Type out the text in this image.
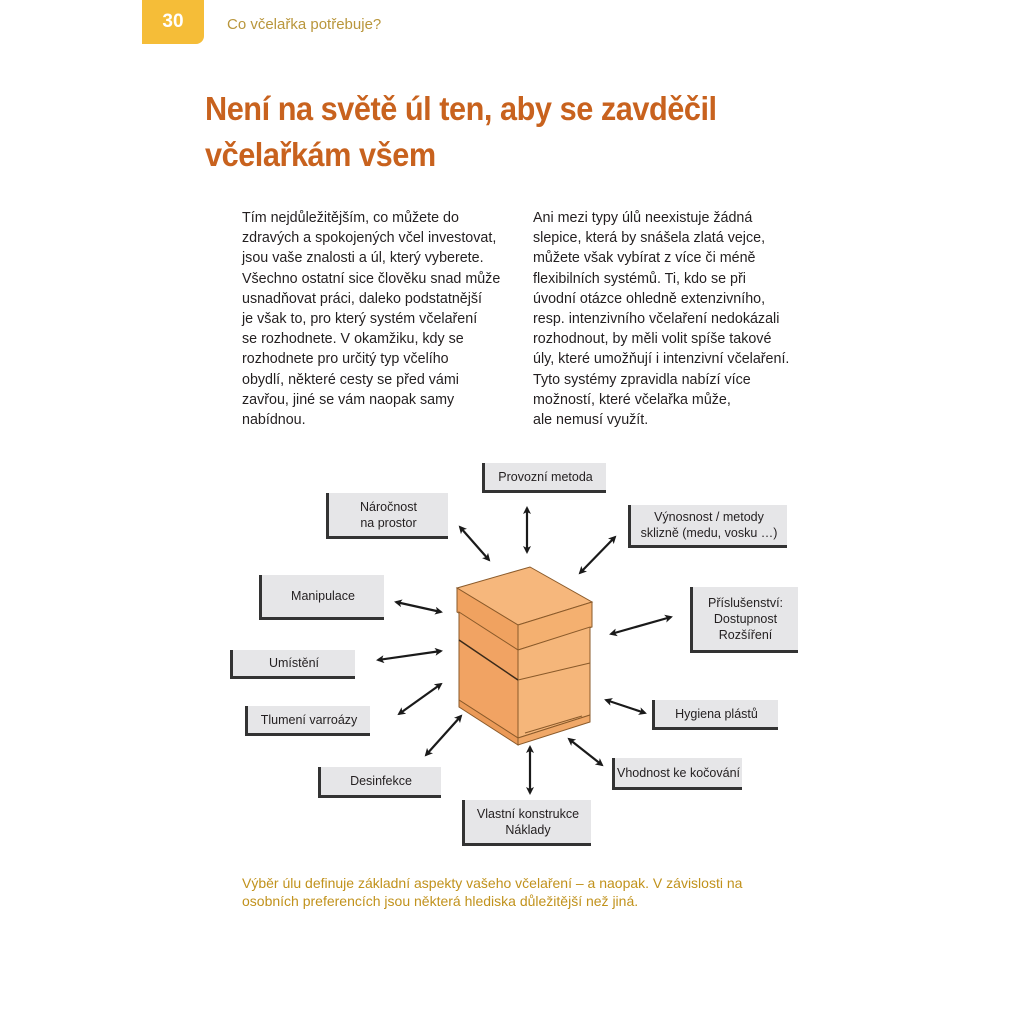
30	Co včelařka potřebuje?
Není na světě úl ten, aby se zavděčil včelařkám všem
Tím nejdůležitějším, co můžete do
zdravých a spokojených včel investovat,
jsou vaše znalosti a úl, který vyberete.
Všechno ostatní sice člověku snad může
usnadňovat práci, daleko podstatnější
je však to, pro který systém včelaření
se rozhodnete. V okamžiku, kdy se
rozhodnete pro určitý typ včelího
obydlí, některé cesty se před vámi
zavřou, jiné se vám naopak samy
nabídnou.
Ani mezi typy úlů neexistuje žádná
slepice, která by snášela zlatá vejce,
můžete však vybírat z více či méně
flexibilních systémů. Ti, kdo se při
úvodní otázce ohledně extenzivního,
resp. intenzivního včelaření nedokázali
rozhodnout, by měli volit spíše takové
úly, které umožňují i intenzivní včelaření.
Tyto systémy zpravidla nabízí více
možností, které včelařka může,
ale nemusí využít.
Provozní metoda
Náročnost
na prostor	Výnosnost / metody
sklizně (medu, vosku …)
Manipulace	Příslušenství:
Dostupnost
Rozšíření
Umístění
Hygiena plástů
Tlumení varroázy
Vhodnost ke kočování
Desinfekce
Vlastní konstrukce
Náklady
Výběr úlu definuje základní aspekty vašeho včelaření – a naopak. V závislosti na osobních preferencích jsou některá hlediska důležitější než jiná.
